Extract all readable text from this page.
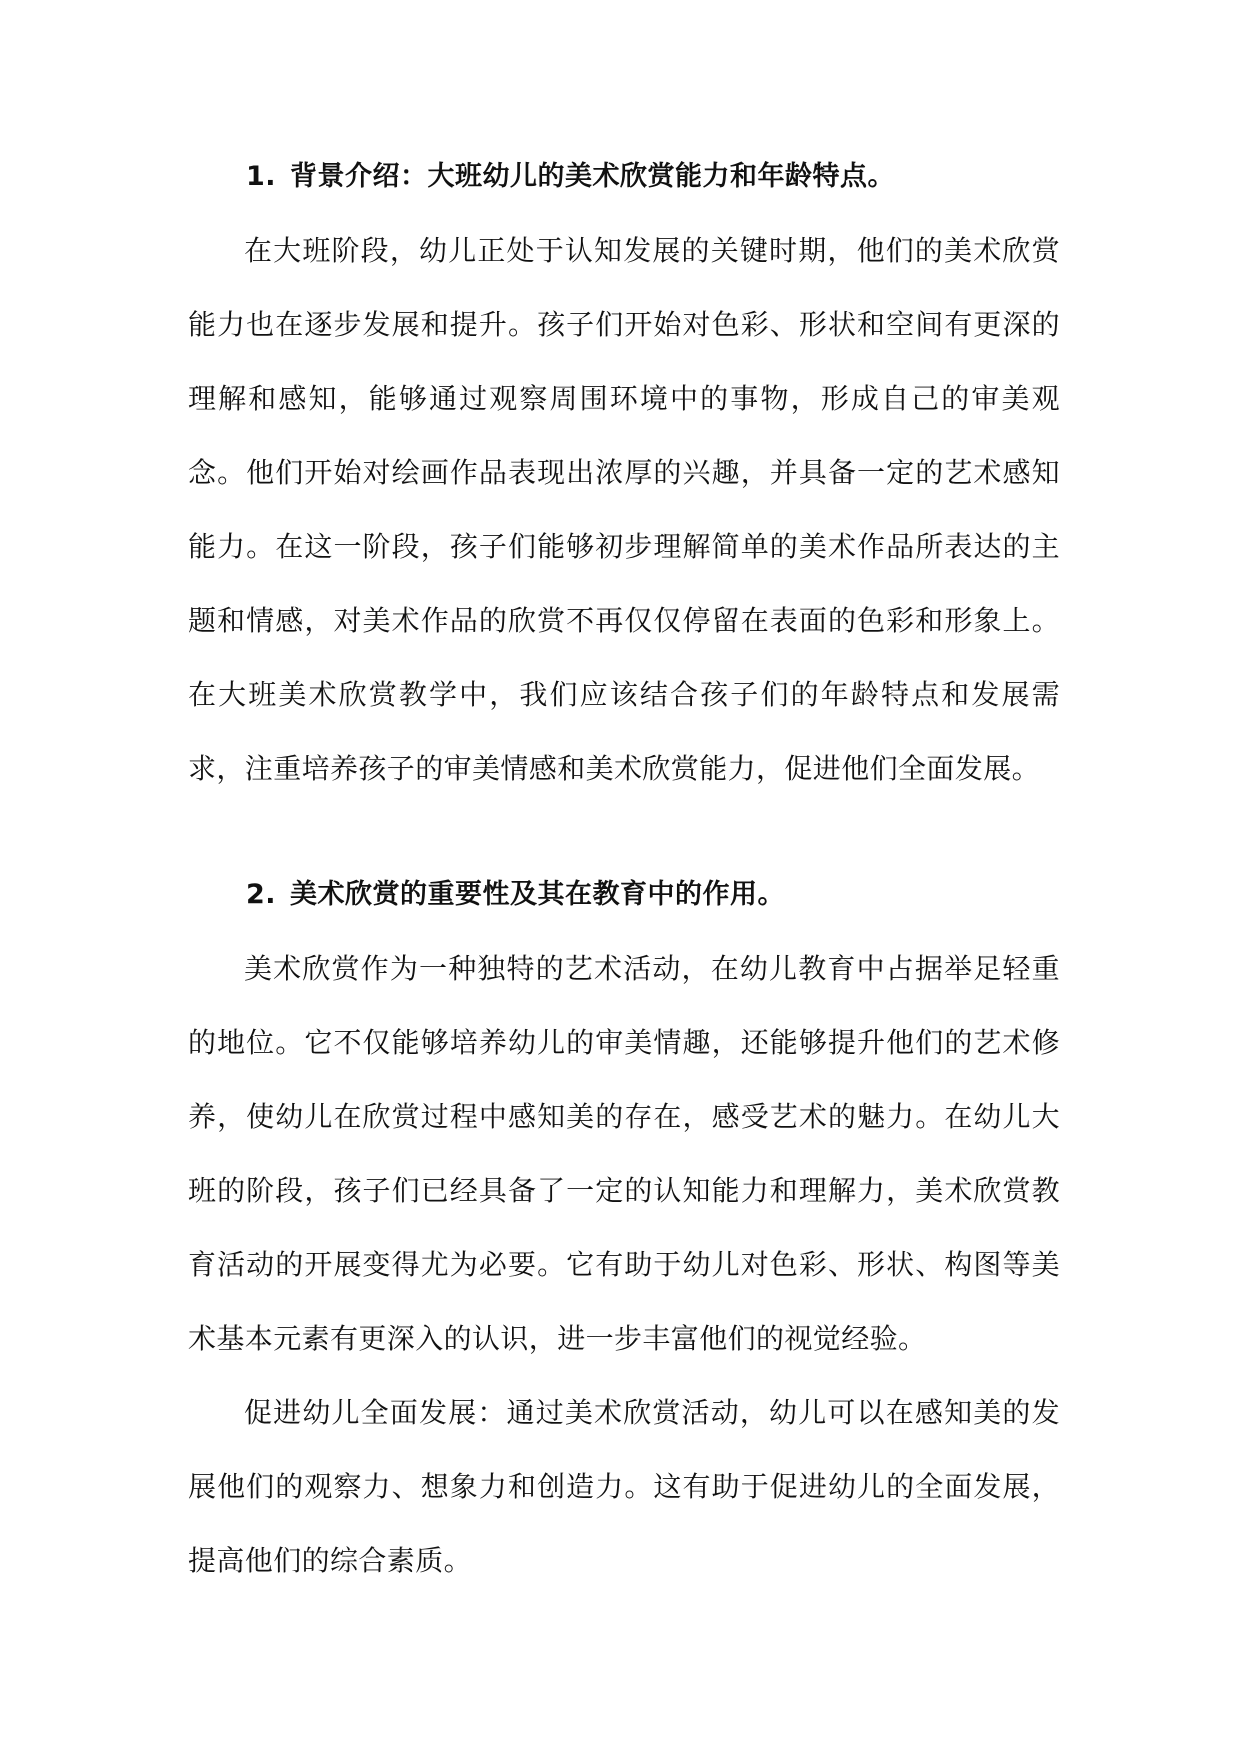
1. 背景介绍：大班幼儿的美术欣赏能力和年龄特点。

在大班阶段，幼儿正处于认知发展的关键时期，他们的美术欣赏能力也在逐步发展和提升。孩子们开始对色彩、形状和空间有更深的理解和感知，能够通过观察周围环境中的事物，形成自己的审美观念。他们开始对绘画作品表现出浓厚的兴趣，并具备一定的艺术感知能力。在这一阶段，孩子们能够初步理解简单的美术作品所表达的主题和情感，对美术作品的欣赏不再仅仅停留在表面的色彩和形象上。在大班美术欣赏教学中，我们应该结合孩子们的年龄特点和发展需求，注重培养孩子的审美情感和美术欣赏能力，促进他们全面发展。

2. 美术欣赏的重要性及其在教育中的作用。

美术欣赏作为一种独特的艺术活动，在幼儿教育中占据举足轻重的地位。它不仅能够培养幼儿的审美情趣，还能够提升他们的艺术修养，使幼儿在欣赏过程中感知美的存在，感受艺术的魅力。在幼儿大班的阶段，孩子们已经具备了一定的认知能力和理解力，美术欣赏教育活动的开展变得尤为必要。它有助于幼儿对色彩、形状、构图等美术基本元素有更深入的认识，进一步丰富他们的视觉经验。

促进幼儿全面发展：通过美术欣赏活动，幼儿可以在感知美的发展他们的观察力、想象力和创造力。这有助于促进幼儿的全面发展，提高他们的综合素质。
